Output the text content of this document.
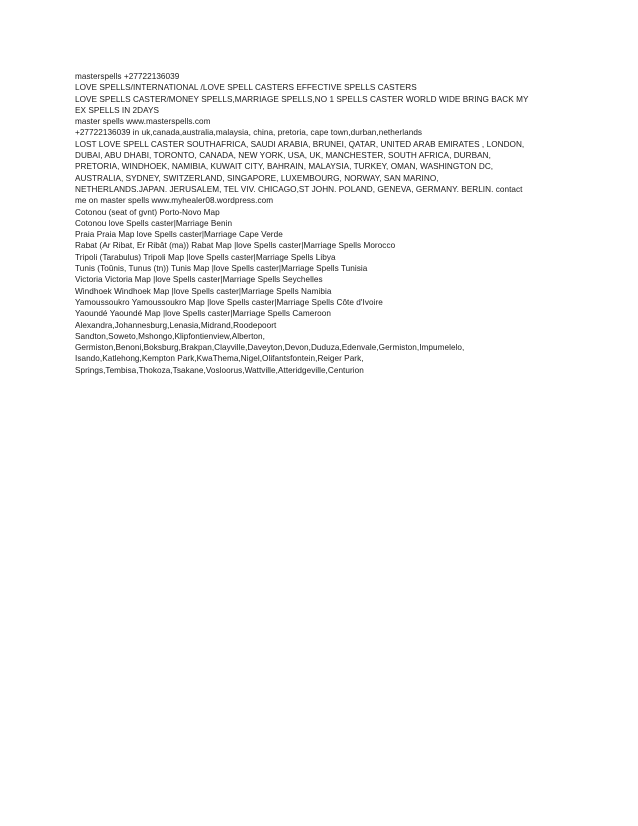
masterspells +27722136039
LOVE SPELLS/INTERNATIONAL /LOVE SPELL CASTERS EFFECTIVE SPELLS CASTERS
LOVE SPELLS CASTER/MONEY SPELLS,MARRIAGE SPELLS,NO 1 SPELLS CASTER WORLD WIDE BRING BACK MY
EX SPELLS IN 2DAYS
master spells www.masterspells.com
+27722136039 in uk,canada,australia,malaysia, china, pretoria, cape town,durban,netherlands
LOST LOVE SPELL CASTER SOUTHAFRICA, SAUDI ARABIA, BRUNEI, QATAR, UNITED ARAB EMIRATES , LONDON,
DUBAI, ABU DHABI, TORONTO, CANADA, NEW YORK, USA, UK, MANCHESTER, SOUTH AFRICA, DURBAN,
PRETORIA, WINDHOEK, NAMIBIA, KUWAIT CITY, BAHRAIN, MALAYSIA, TURKEY, OMAN, WASHINGTON DC,
AUSTRALIA, SYDNEY, SWITZERLAND, SINGAPORE, LUXEMBOURG, NORWAY, SAN MARINO,
NETHERLANDS.JAPAN. JERUSALEM, TEL VIV. CHICAGO,ST JOHN. POLAND, GENEVA, GERMANY. BERLIN. contact
me on master spells www.myhealer08.wordpress.com
Cotonou (seat of gvnt) Porto-Novo Map
Cotonou love Spells caster|Marriage Benin
Praia Praia Map love Spells caster|Marriage Cape Verde
Rabat (Ar Ribat, Er Ribât (ma)) Rabat Map |love Spells caster|Marriage Spells Morocco
Tripoli (Tarabulus) Tripoli Map |love Spells caster|Marriage Spells Libya
Tunis (Toûnis, Tunus (tn)) Tunis Map |love Spells caster|Marriage Spells Tunisia
Victoria Victoria Map |love Spells caster|Marriage Spells Seychelles
Windhoek Windhoek Map |love Spells caster|Marriage Spells Namibia
Yamoussoukro Yamoussoukro Map |love Spells caster|Marriage Spells Côte d'Ivoire
Yaoundé Yaoundé Map |love Spells caster|Marriage Spells Cameroon
Alexandra,Johannesburg,Lenasia,Midrand,Roodepoort
Sandton,Soweto,Mshongo,Klipfontienview,Alberton,
Germiston,Benoni,Boksburg,Brakpan,Clayville,Daveyton,Devon,Duduza,Edenvale,Germiston,Impumelelo,
Isando,Katlehong,Kempton Park,KwaThema,Nigel,Olifantsfontein,Reiger Park,
Springs,Tembisa,Thokoza,Tsakane,Vosloorus,Wattville,Atteridgeville,Centurion
